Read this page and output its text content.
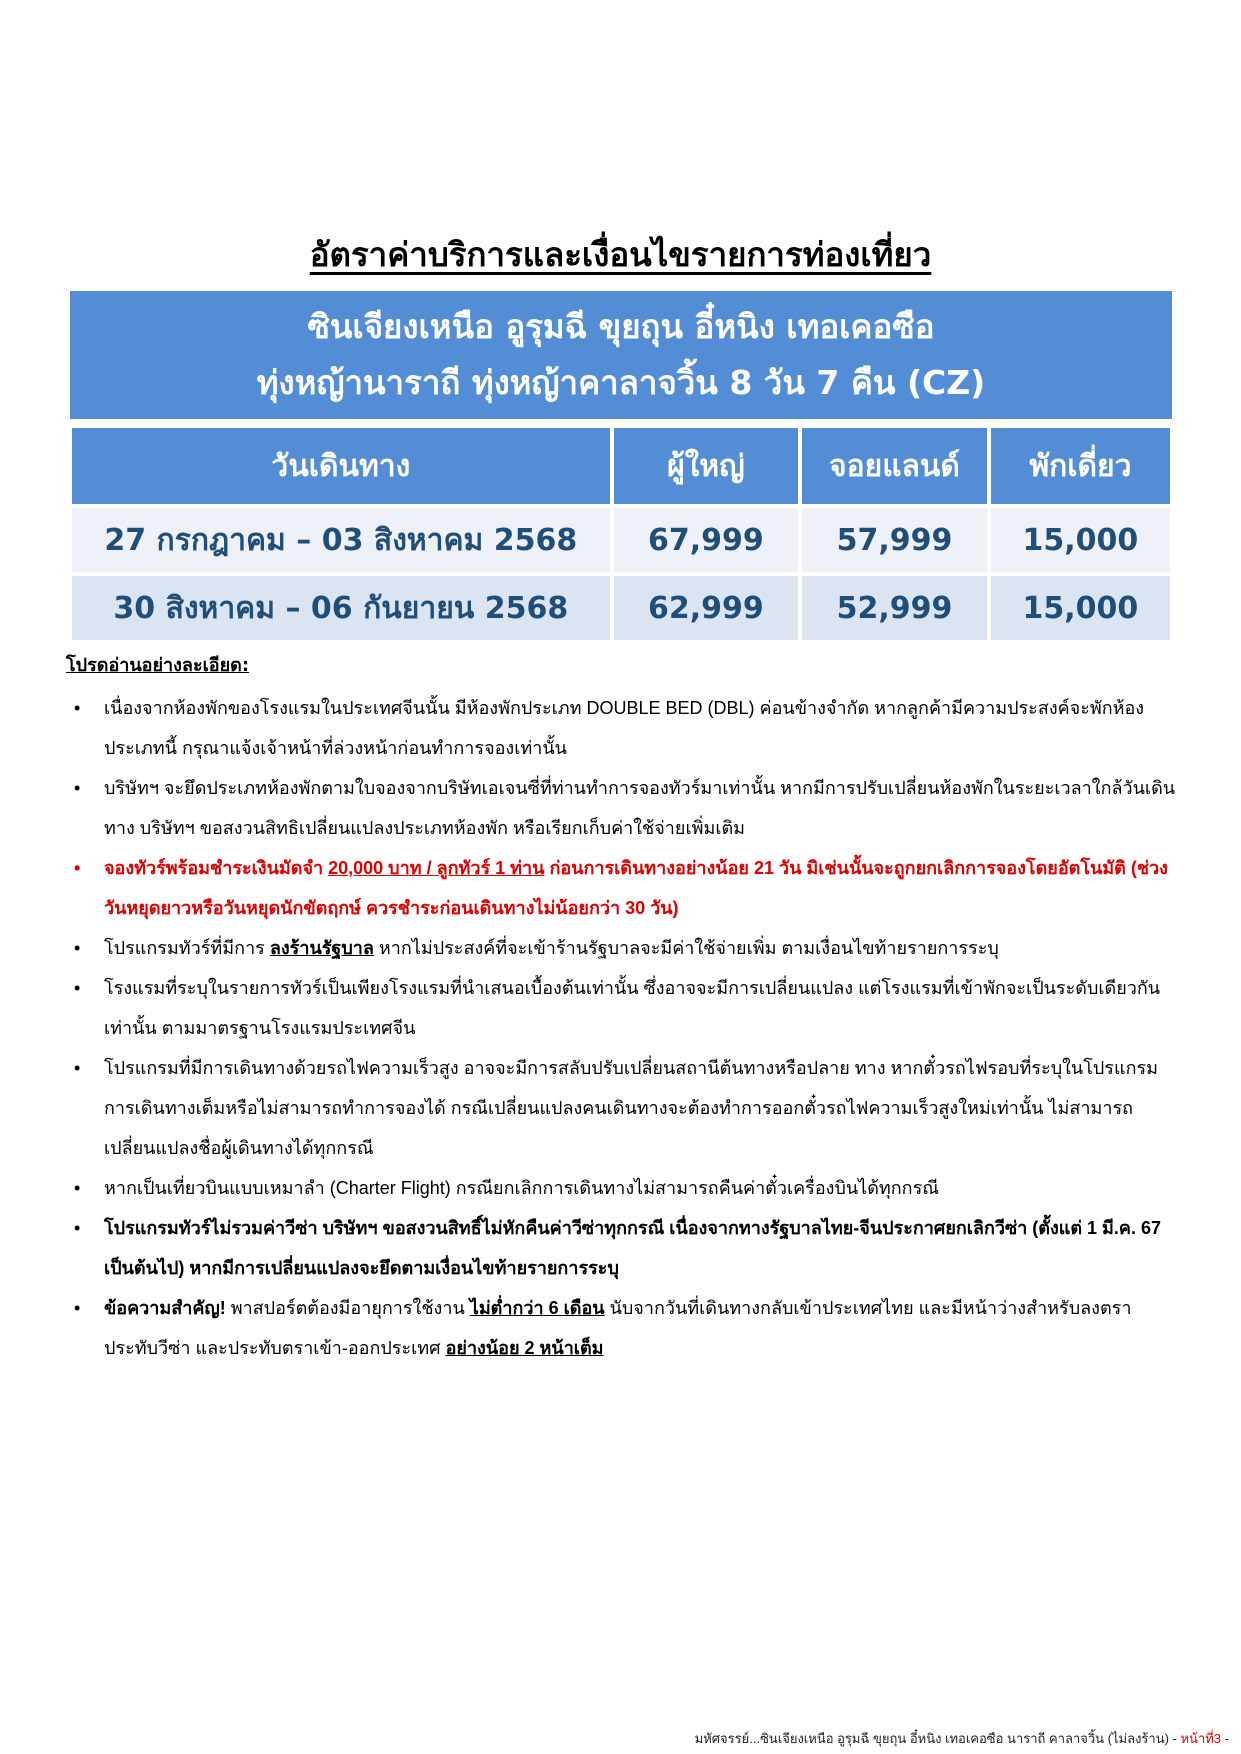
อัตราค่าบริการและเงื่อนไขรายการท่องเที่ยว
ซินเจียงเหนือ อูรุมฉี ขุยถุน อี๋หนิง เทอเคอซือ
ทุ่งหญ้านาราถี ทุ่งหญ้าคาลาจวิ้น 8 วัน 7 คืน (CZ)
วันเดินทาง	ผู้ใหญ่	จอยแลนด์	พักเดี่ยว
27 กรกฎาคม – 03 สิงหาคม 2568	67,999	57,999	15,000
30 สิงหาคม – 06 กันยายน 2568	62,999	52,999	15,000
โปรดอ่านอย่างละเอียด:
• เนื่องจากห้องพักของโรงแรมในประเทศจีนนั้น มีห้องพักประเภท DOUBLE BED (DBL) ค่อนข้างจำกัด หากลูกค้ามีความประสงค์จะพักห้องประเภทนี้ กรุณาแจ้งเจ้าหน้าที่ล่วงหน้าก่อนทำการจองเท่านั้น
• บริษัทฯ จะยึดประเภทห้องพักตามใบจองจากบริษัทเอเจนซี่ที่ท่านทำการจองทัวร์มาเท่านั้น หากมีการปรับเปลี่ยนห้องพักในระยะเวลาใกล้วันเดินทาง บริษัทฯ ขอสงวนสิทธิเปลี่ยนแปลงประเภทห้องพัก หรือเรียกเก็บค่าใช้จ่ายเพิ่มเติม
• จองทัวร์พร้อมชำระเงินมัดจำ 20,000 บาท / ลูกทัวร์ 1 ท่าน ก่อนการเดินทางอย่างน้อย 21 วัน มิเช่นนั้นจะถูกยกเลิกการจองโดยอัตโนมัติ (ช่วงวันหยุดยาวหรือวันหยุดนักขัตฤกษ์ ควรชำระก่อนเดินทางไม่น้อยกว่า 30 วัน)
• โปรแกรมทัวร์ที่มีการ ลงร้านรัฐบาล หากไม่ประสงค์ที่จะเข้าร้านรัฐบาลจะมีค่าใช้จ่ายเพิ่ม ตามเงื่อนไขท้ายรายการระบุ
• โรงแรมที่ระบุในรายการทัวร์เป็นเพียงโรงแรมที่นำเสนอเบื้องต้นเท่านั้น ซึ่งอาจจะมีการเปลี่ยนแปลง แต่โรงแรมที่เข้าพักจะเป็นระดับเดียวกันเท่านั้น ตามมาตรฐานโรงแรมประเทศจีน
• โปรแกรมที่มีการเดินทางด้วยรถไฟความเร็วสูง อาจจะมีการสลับปรับเปลี่ยนสถานีต้นทางหรือปลาย ทาง หากตั๋วรถไฟรอบที่ระบุในโปรแกรมการเดินทางเต็มหรือไม่สามารถทำการจองได้ กรณีเปลี่ยนแปลงคนเดินทางจะต้องทำการออกตั๋วรถไฟความเร็วสูงใหม่เท่านั้น ไม่สามารถเปลี่ยนแปลงชื่อผู้เดินทางได้ทุกกรณี
• หากเป็นเที่ยวบินแบบเหมาลำ (Charter Flight) กรณียกเลิกการเดินทางไม่สามารถคืนค่าตั๋วเครื่องบินได้ทุกกรณี
• โปรแกรมทัวร์ไม่รวมค่าวีซ่า บริษัทฯ ขอสงวนสิทธิ์ไม่หักคืนค่าวีซ่าทุกกรณี เนื่องจากทางรัฐบาลไทย-จีนประกาศยกเลิกวีซ่า (ตั้งแต่ 1 มี.ค. 67 เป็นต้นไป) หากมีการเปลี่ยนแปลงจะยึดตามเงื่อนไขท้ายรายการระบุ
• ข้อความสำคัญ! พาสปอร์ตต้องมีอายุการใช้งาน ไม่ต่ำกว่า 6 เดือน นับจากวันที่เดินทางกลับเข้าประเทศไทย และมีหน้าว่างสำหรับลงตราประทับวีซ่า และประทับตราเข้า-ออกประเทศ อย่างน้อย 2 หน้าเต็ม
มหัศจรรย์...ซินเจียงเหนือ อูรุมฉี ขุยถุน อี๋หนิง เทอเคอซือ นาราถี คาลาจวิ้น (ไม่ลงร้าน) - หน้าที่3 -
